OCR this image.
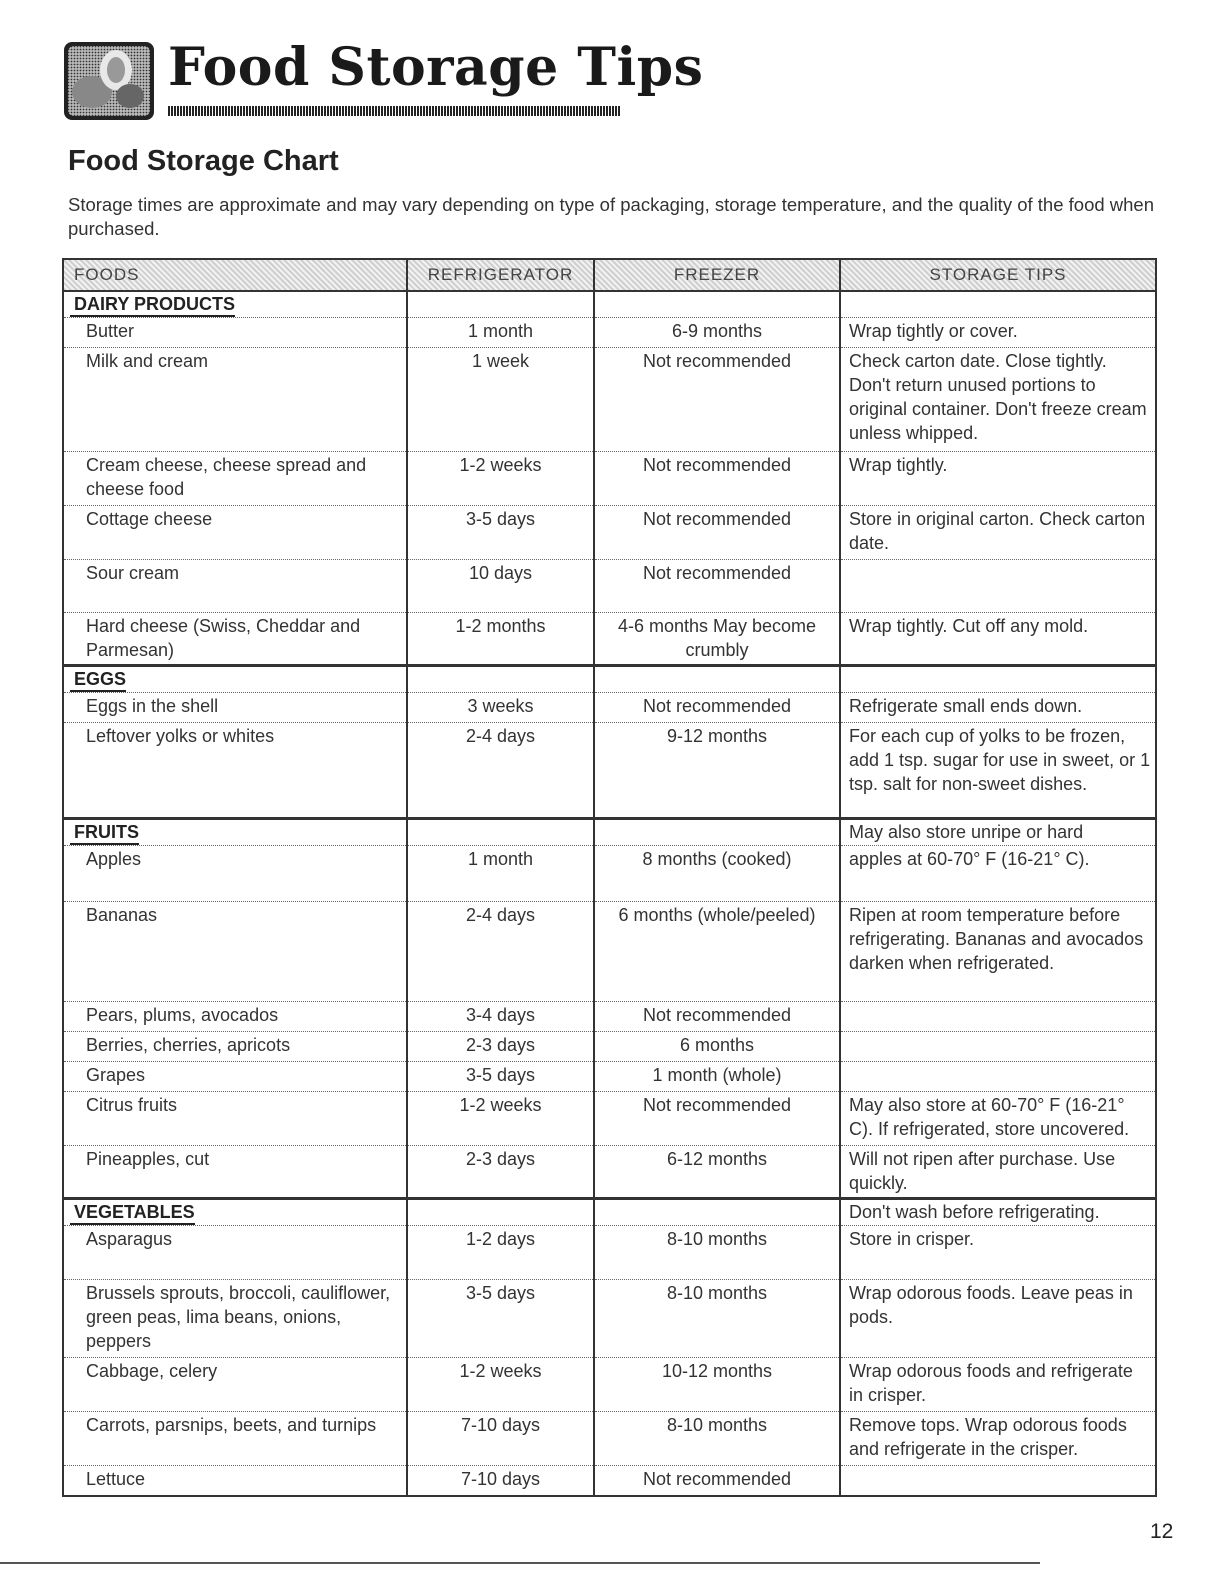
Food Storage Tips
Food Storage Chart
Storage times are approximate and may vary depending on type of packaging, storage temperature, and the quality of the food when purchased.
FOODS	REFRIGERATOR	FREEZER	STORAGE TIPS
DAIRY PRODUCTS			
Butter	1 month	6-9 months	Wrap tightly or cover.
Milk and cream	1 week	Not recommended	Check carton date. Close tightly. Don't return unused portions to original container. Don't freeze cream unless whipped.
Cream cheese, cheese spread and cheese food	1-2 weeks	Not recommended	Wrap tightly.
Cottage cheese	3-5 days	Not recommended	Store in original carton. Check carton date.
Sour cream	10 days	Not recommended	
Hard cheese (Swiss, Cheddar and Parmesan)	1-2 months	4-6 months May become crumbly	Wrap tightly. Cut off any mold.
EGGS			
Eggs in the shell	3 weeks	Not recommended	Refrigerate small ends down.
Leftover yolks or whites	2-4 days	9-12 months	For each cup of yolks to be frozen, add 1 tsp. sugar for use in sweet, or 1 tsp. salt for non-sweet dishes.
FRUITS			May also store unripe or hard
Apples	1 month	8 months (cooked)	apples at 60-70° F (16-21° C).
Bananas	2-4 days	6 months (whole/peeled)	Ripen at room temperature before refrigerating. Bananas and avocados darken when refrigerated.
Pears, plums, avocados	3-4 days	Not recommended	
Berries, cherries, apricots	2-3 days	6 months	
Grapes	3-5 days	1 month (whole)	
Citrus fruits	1-2 weeks	Not recommended	May also store at 60-70° F (16-21° C). If refrigerated, store uncovered.
Pineapples, cut	2-3 days	6-12 months	Will not ripen after purchase. Use quickly.
VEGETABLES			Don't wash before refrigerating.
Asparagus	1-2 days	8-10 months	Store in crisper.
Brussels sprouts, broccoli, cauliflower, green peas, lima beans, onions, peppers	3-5 days	8-10 months	Wrap odorous foods. Leave peas in pods.
Cabbage, celery	1-2 weeks	10-12 months	Wrap odorous foods and refrigerate in crisper.
Carrots, parsnips, beets, and turnips	7-10 days	8-10 months	Remove tops. Wrap odorous foods and refrigerate in the crisper.
Lettuce	7-10 days	Not recommended	
12
